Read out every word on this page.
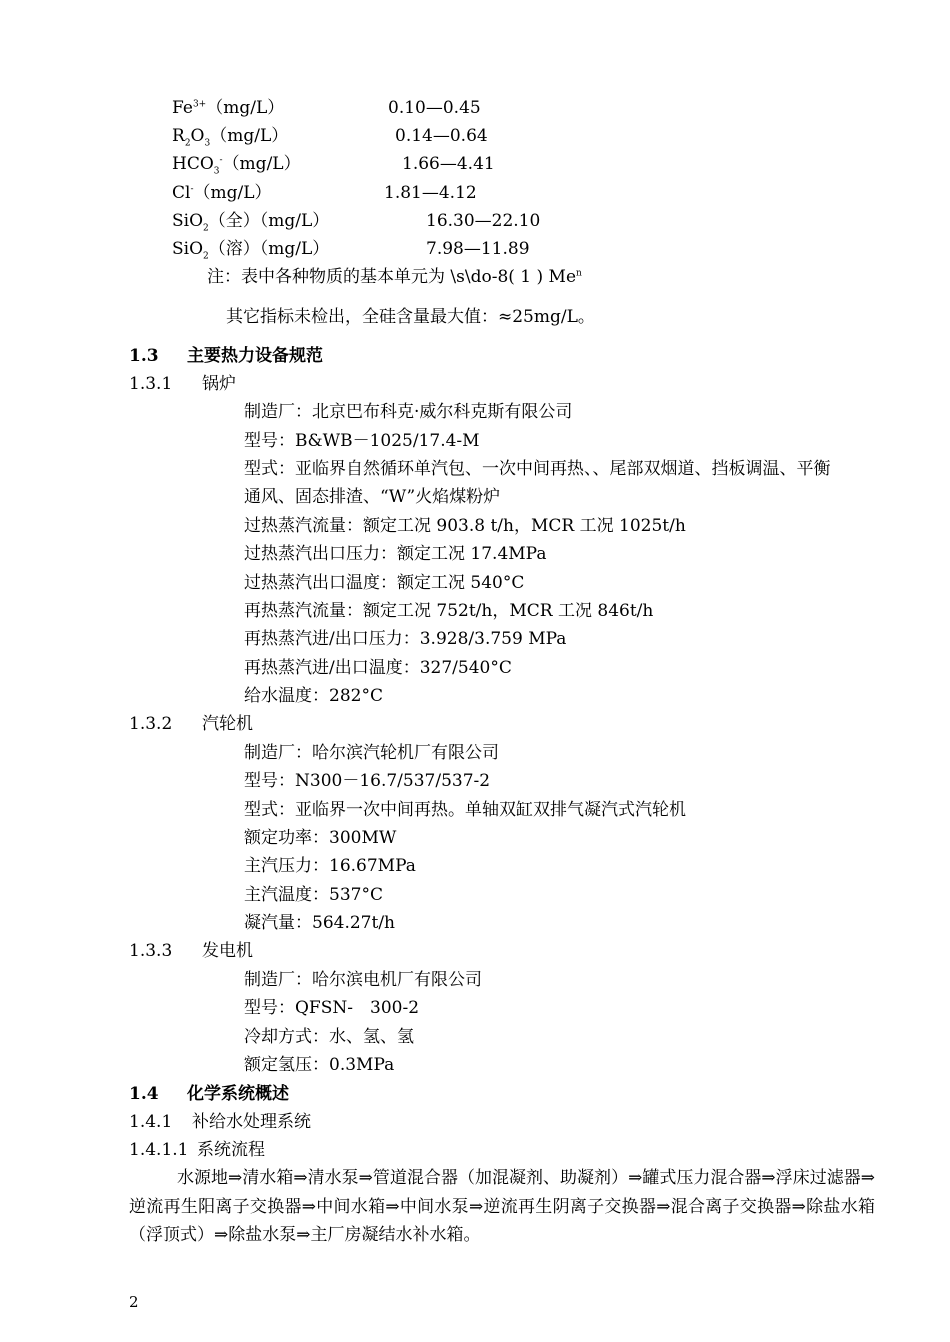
$Fe^{3+}(mg/L)$	0.10—0.45
$R_2O_3(mg/L)$	0.14—0.64
$HCO_3^-(mg/L)$	1.66—4.41
Cl-（mg/L）	1.81—4.12
SiO$_2$（全）（mg/L）	16.30—22.10
SiO$_2$（溶）（mg/L）	7.98—11.89
注：表中各种物质的基本单元为 \s\do-8( 1 ) Me$^n$
其它指标未检出，全硅含量最大值：≈25mg/L。
1.3 主要热力设备规范
1.3.1 锅炉
制造厂：北京巴布科克·威尔科克斯有限公司
型号：B&WB－1025/17.4-M
型式：亚临界自然循环单汽包、一次中间再热、、尾部双烟道、挡板调温、平衡
通风、固态排渣、“W”火焰煤粉炉
过热蒸汽流量：额定工况 903.8 t/h，MCR 工况 1025t/h
过热蒸汽出口压力：额定工况 17.4MPa
过热蒸汽出口温度：额定工况 540°C
再热蒸汽流量：额定工况 752t/h，MCR 工况 846t/h
再热蒸汽进/出口压力：3.928/3.759 MPa
再热蒸汽进/出口温度：327/540°C
给水温度：282°C
1.3.2 汽轮机
制造厂：哈尔滨汽轮机厂有限公司
型号：N300－16.7/537/537-2
型式：亚临界一次中间再热。单轴双缸双排气凝汽式汽轮机
额定功率：300MW
主汽压力：16.67MPa
主汽温度：537°C
凝汽量：564.27t/h
1.3.3 发电机
制造厂：哈尔滨电机厂有限公司
型号：QFSN-　300-2
冷却方式：水、氢、氢
额定氢压：0.3MPa
1.4 化学系统概述
1.4.1 补给水处理系统
1.4.1.1 系统流程
水源地⇒清水箱⇒清水泵⇒管道混合器（加混凝剂、助凝剂）⇒罐式压力混合器⇒浮床过滤器⇒逆流再生阳离子交换器⇒中间水箱⇒中间水泵⇒逆流再生阴离子交换器⇒混合离子交换器⇒除盐水箱（浮顶式）⇒除盐水泵⇒主厂房凝结水补水箱。
2
